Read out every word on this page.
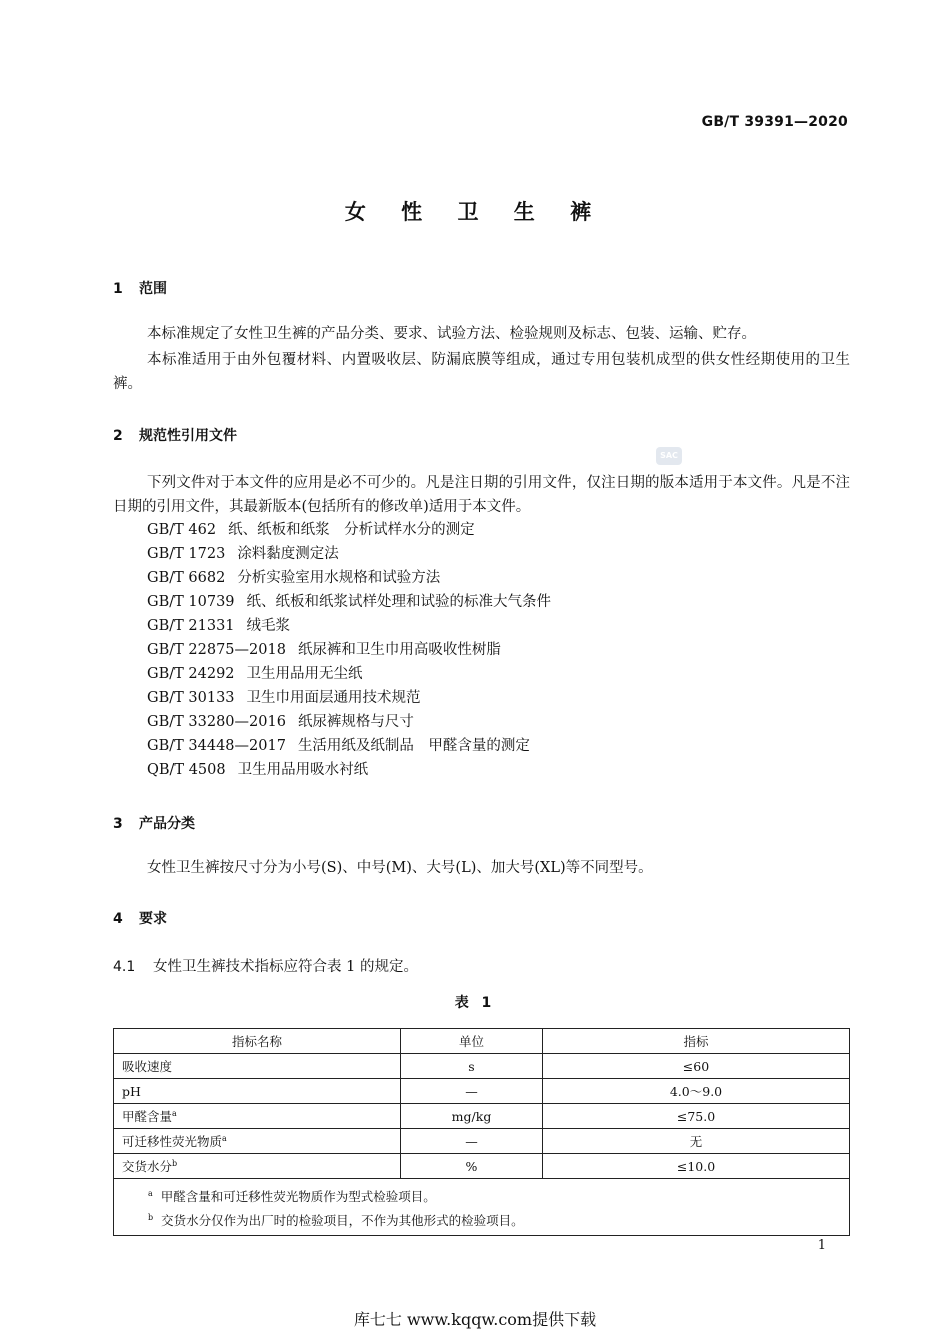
GB/T 39391—2020
女 性 卫 生 裤
1 范围
本标准规定了女性卫生裤的产品分类、要求、试验方法、检验规则及标志、包装、运输、贮存。
本标准适用于由外包覆材料、内置吸收层、防漏底膜等组成，通过专用包装机成型的供女性经期使用的卫生裤。
2 规范性引用文件
SAC
下列文件对于本文件的应用是必不可少的。凡是注日期的引用文件，仅注日期的版本适用于本文件。凡是不注日期的引用文件，其最新版本(包括所有的修改单)适用于本文件。
GB/T 462 纸、纸板和纸浆　分析试样水分的测定
GB/T 1723 涂料黏度测定法
GB/T 6682 分析实验室用水规格和试验方法
GB/T 10739 纸、纸板和纸浆试样处理和试验的标准大气条件
GB/T 21331 绒毛浆
GB/T 22875—2018 纸尿裤和卫生巾用高吸收性树脂
GB/T 24292 卫生用品用无尘纸
GB/T 30133 卫生巾用面层通用技术规范
GB/T 33280—2016 纸尿裤规格与尺寸
GB/T 34448—2017 生活用纸及纸制品　甲醛含量的测定
QB/T 4508 卫生用品用吸水衬纸
3 产品分类
女性卫生裤按尺寸分为小号(S)、中号(M)、大号(L)、加大号(XL)等不同型号。
4 要求
4.1 女性卫生裤技术指标应符合表 1 的规定。
表 1
指标名称	单位	指标
吸收速度	s	≤60
pH	—	4.0～9.0
甲醛含量$^a$	mg/kg	≤75.0
可迁移性荧光物质$^a$	—	无
交货水分$^b$	%	≤10.0

$^a$ 甲醛含量和可迁移性荧光物质作为型式检验项目。
$^b$ 交货水分仅作为出厂时的检验项目，不作为其他形式的检验项目。		
1
库七七 www.kqqw.com提供下载
